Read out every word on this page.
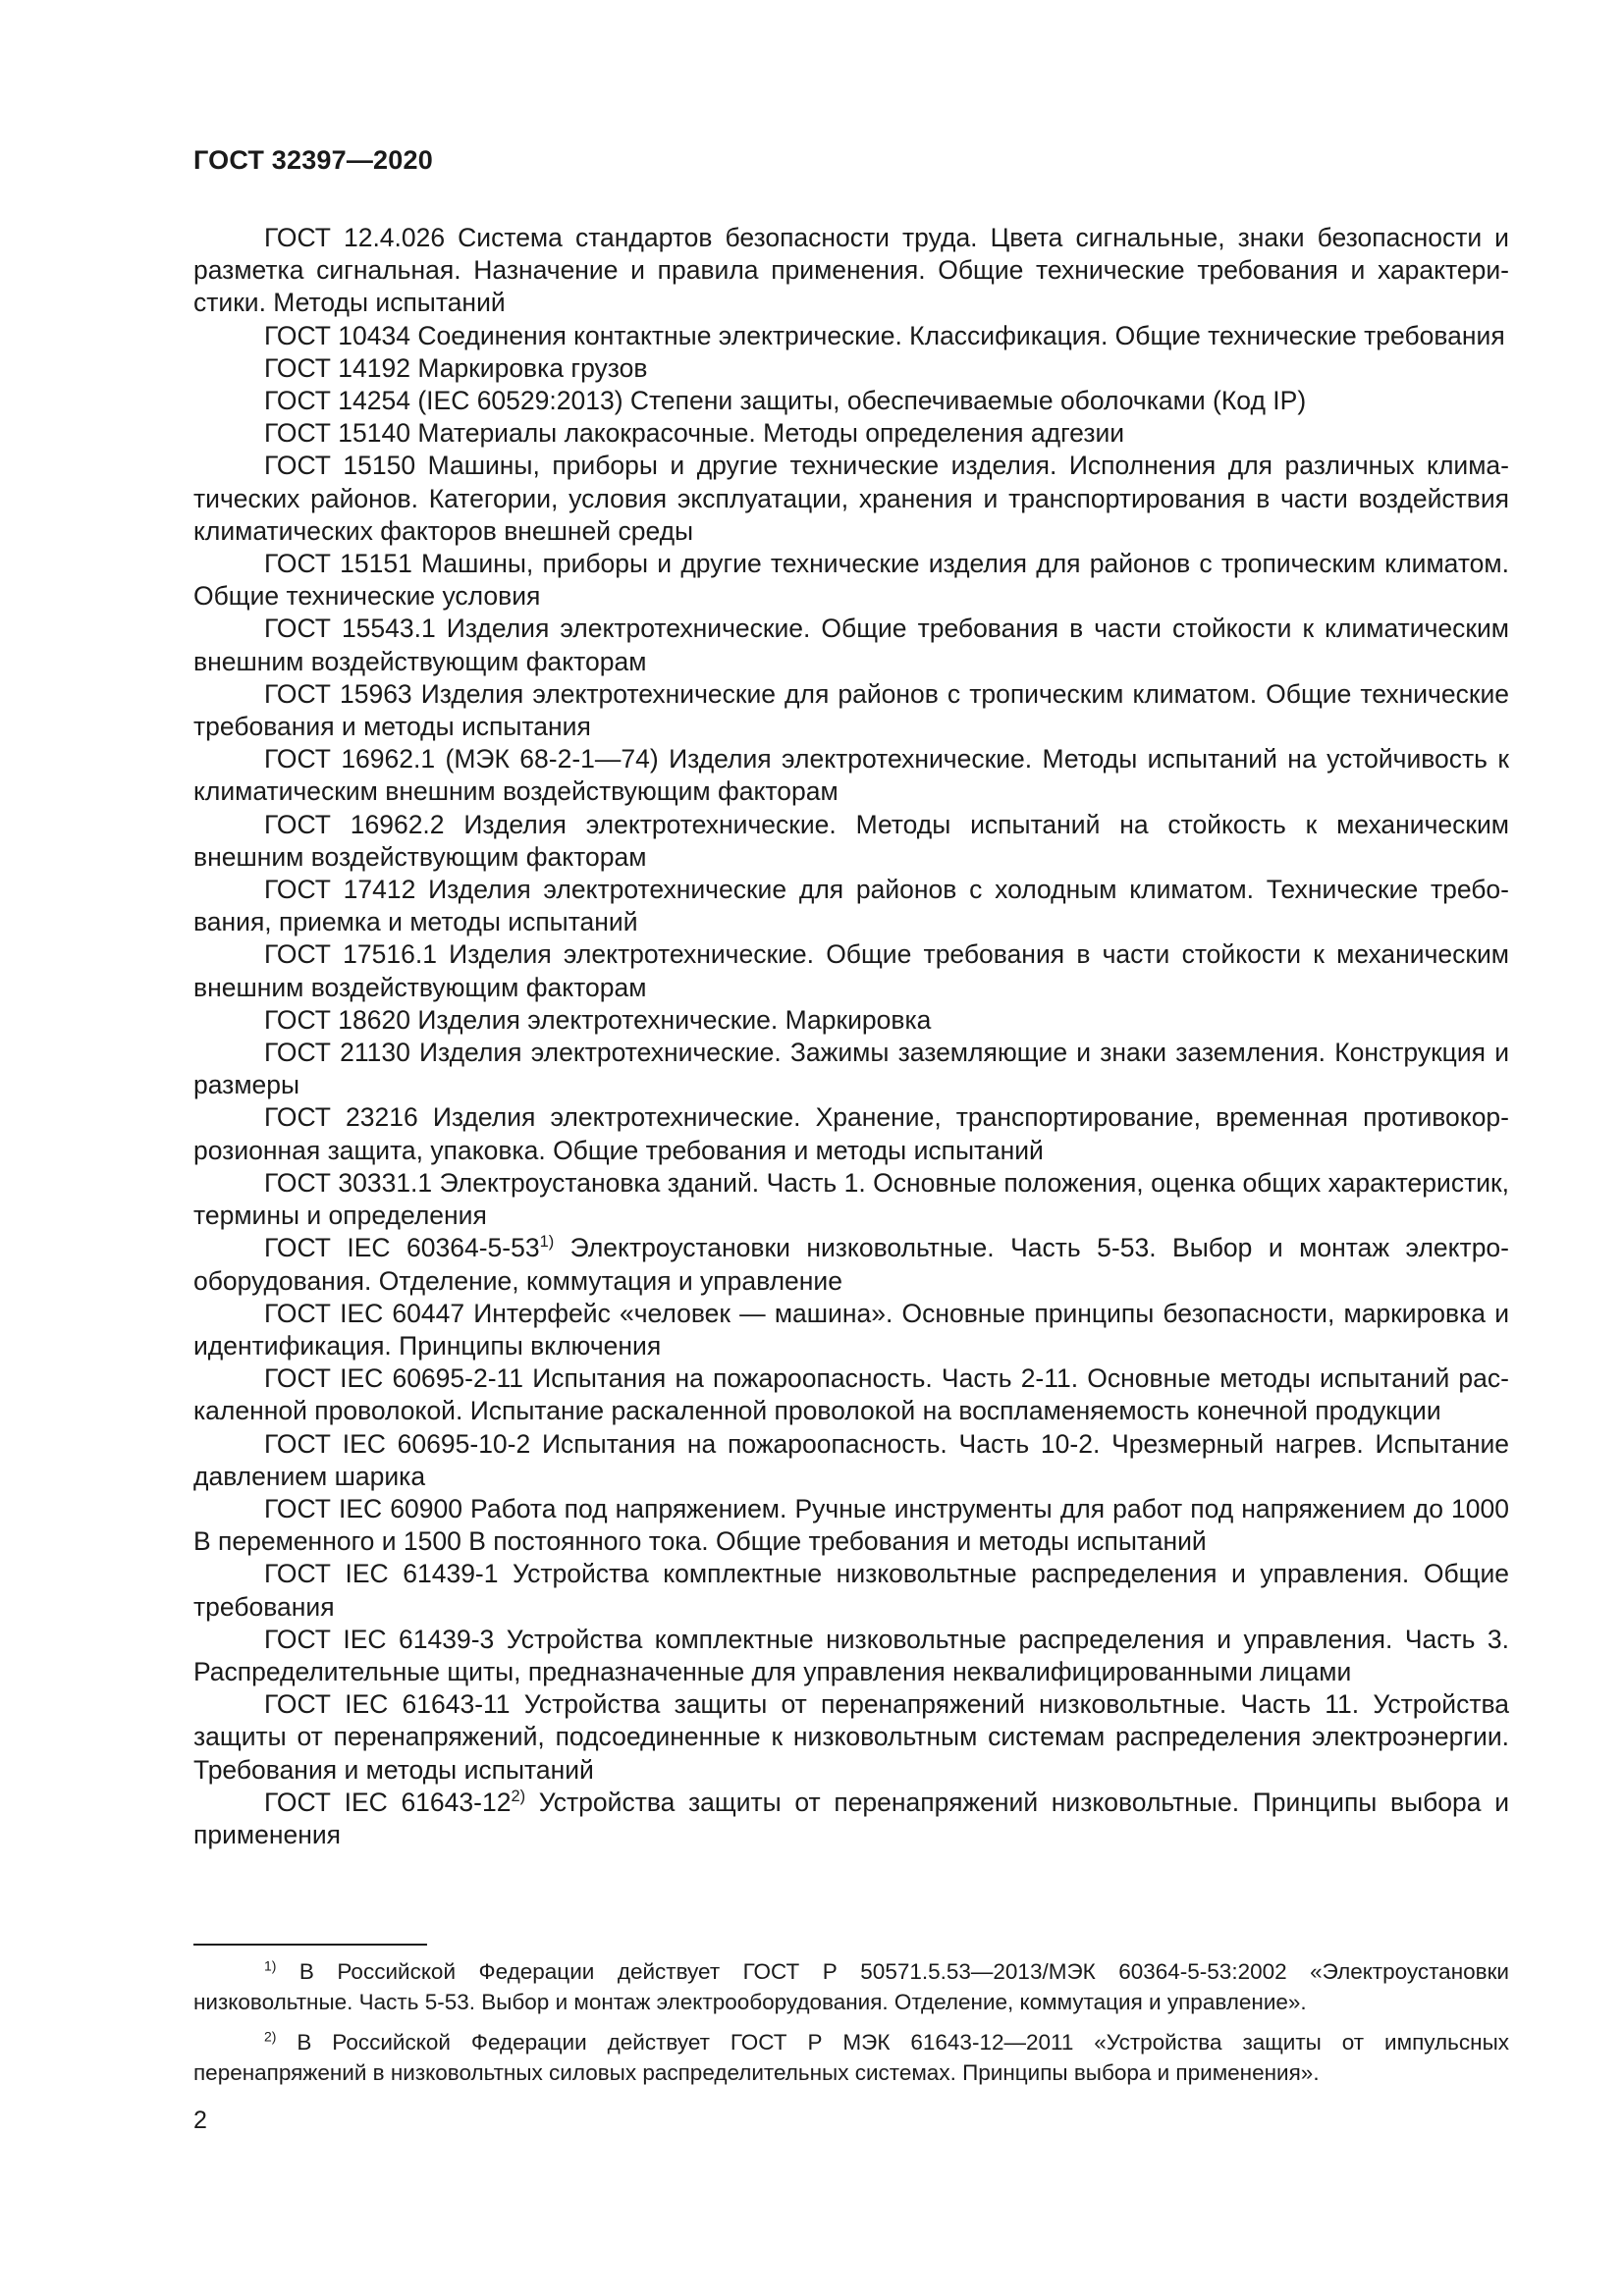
ГОСТ 32397—2020

ГОСТ 12.4.026 Система стандартов безопасности труда. Цвета сигнальные, знаки безопасности и разметка сигнальная. Назначение и правила применения. Общие технические требования и характеристики. Методы испытаний

ГОСТ 10434 Соединения контактные электрические. Классификация. Общие технические требования

ГОСТ 14192 Маркировка грузов

ГОСТ 14254 (IEC 60529:2013) Степени защиты, обеспечиваемые оболочками (Код IP)

ГОСТ 15140 Материалы лакокрасочные. Методы определения адгезии

ГОСТ 15150 Машины, приборы и другие технические изделия. Исполнения для различных климатических районов. Категории, условия эксплуатации, хранения и транспортирования в части воздействия климатических факторов внешней среды

ГОСТ 15151 Машины, приборы и другие технические изделия для районов с тропическим климатом. Общие технические условия

ГОСТ 15543.1 Изделия электротехнические. Общие требования в части стойкости к климатическим внешним воздействующим факторам

ГОСТ 15963 Изделия электротехнические для районов с тропическим климатом. Общие технические требования и методы испытания

ГОСТ 16962.1 (МЭК 68-2-1—74) Изделия электротехнические. Методы испытаний на устойчивость к климатическим внешним воздействующим факторам

ГОСТ 16962.2 Изделия электротехнические. Методы испытаний на стойкость к механическим внешним воздействующим факторам

ГОСТ 17412 Изделия электротехнические для районов с холодным климатом. Технические требования, приемка и методы испытаний

ГОСТ 17516.1 Изделия электротехнические. Общие требования в части стойкости к механическим внешним воздействующим факторам

ГОСТ 18620 Изделия электротехнические. Маркировка

ГОСТ 21130 Изделия электротехнические. Зажимы заземляющие и знаки заземления. Конструкция и размеры

ГОСТ 23216 Изделия электротехнические. Хранение, транспортирование, временная противокоррозионная защита, упаковка. Общие требования и методы испытаний

ГОСТ 30331.1 Электроустановка зданий. Часть 1. Основные положения, оценка общих характеристик, термины и определения

ГОСТ IEC 60364-5-53$^{1)}$ Электроустановки низковольтные. Часть 5-53. Выбор и монтаж электрооборудования. Отделение, коммутация и управление

ГОСТ IEC 60447 Интерфейс «человек — машина». Основные принципы безопасности, маркировка и идентификация. Принципы включения

ГОСТ IEC 60695-2-11 Испытания на пожароопасность. Часть 2-11. Основные методы испытаний раскаленной проволокой. Испытание раскаленной проволокой на воспламеняемость конечной продукции

ГОСТ IEC 60695-10-2 Испытания на пожароопасность. Часть 10-2. Чрезмерный нагрев. Испытание давлением шарика

ГОСТ IEC 60900 Работа под напряжением. Ручные инструменты для работ под напряжением до 1000 В переменного и 1500 В постоянного тока. Общие требования и методы испытаний

ГОСТ IEC 61439-1 Устройства комплектные низковольтные распределения и управления. Общие требования

ГОСТ IEC 61439-3 Устройства комплектные низковольтные распределения и управления. Часть 3. Распределительные щиты, предназначенные для управления неквалифицированными лицами

ГОСТ IEC 61643-11 Устройства защиты от перенапряжений низковольтные. Часть 11. Устройства защиты от перенапряжений, подсоединенные к низковольтным системам распределения электроэнергии. Требования и методы испытаний

ГОСТ IEC 61643-12$^{2)}$ Устройства защиты от перенапряжений низковольтные. Принципы выбора и применения

$^{1)}$ В Российской Федерации действует ГОСТ Р 50571.5.53—2013/МЭК 60364-5-53:2002 «Электроустановки низковольтные. Часть 5-53. Выбор и монтаж электрооборудования. Отделение, коммутация и управление».

$^{2)}$ В Российской Федерации действует ГОСТ Р МЭК 61643-12—2011 «Устройства защиты от импульсных перенапряжений в низковольтных силовых распределительных системах. Принципы выбора и применения».

2
